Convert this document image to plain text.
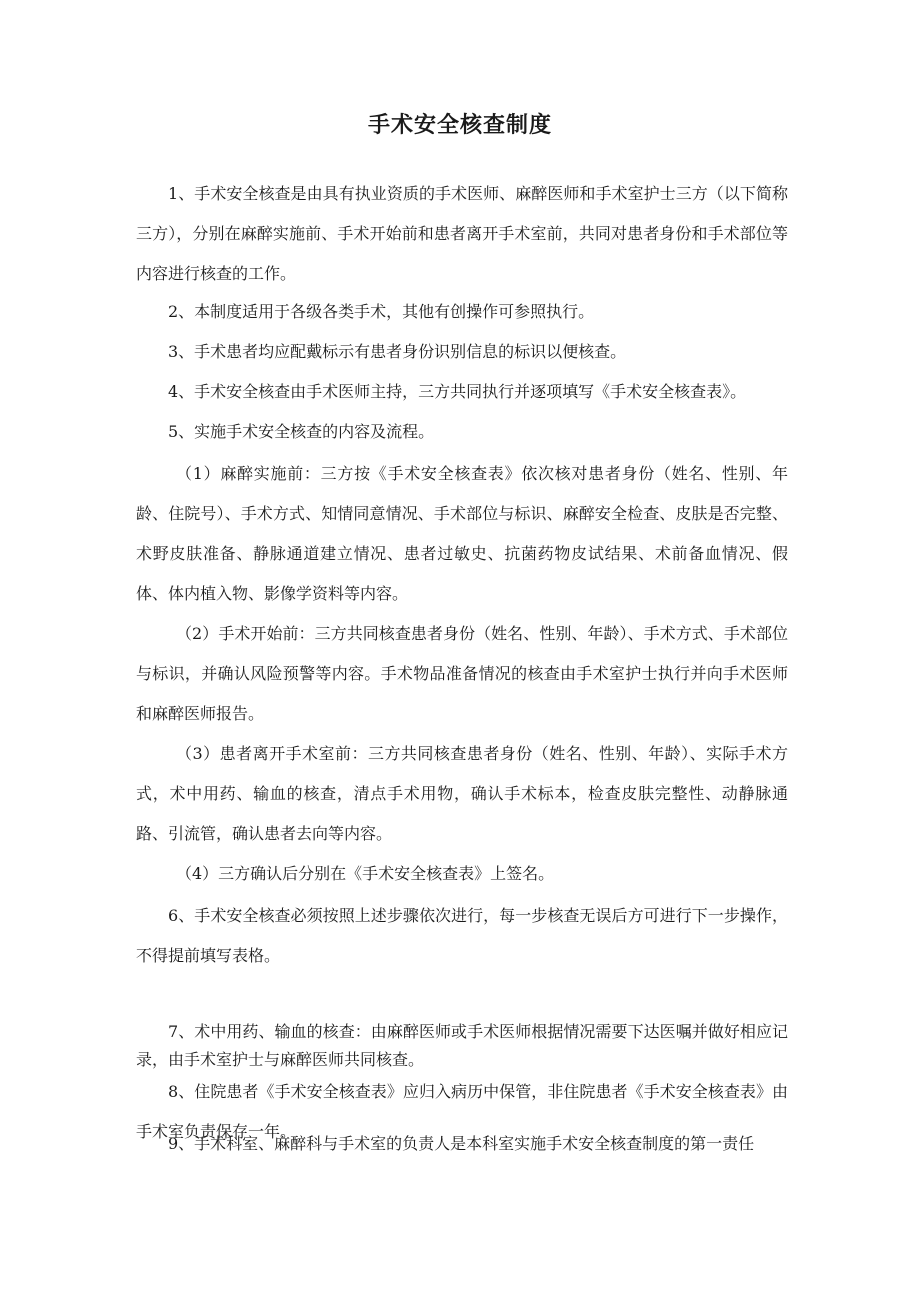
手术安全核查制度

1、手术安全核查是由具有执业资质的手术医师、麻醉医师和手术室护士三方（以下简称三方），分别在麻醉实施前、手术开始前和患者离开手术室前，共同对患者身份和手术部位等内容进行核查的工作。

2、本制度适用于各级各类手术，其他有创操作可参照执行。

3、手术患者均应配戴标示有患者身份识别信息的标识以便核查。

4、手术安全核查由手术医师主持，三方共同执行并逐项填写《手术安全核查表》。

5、实施手术安全核查的内容及流程。

（1）麻醉实施前：三方按《手术安全核查表》依次核对患者身份（姓名、性别、年龄、住院号）、手术方式、知情同意情况、手术部位与标识、麻醉安全检查、皮肤是否完整、术野皮肤准备、静脉通道建立情况、患者过敏史、抗菌药物皮试结果、术前备血情况、假体、体内植入物、影像学资料等内容。

（2）手术开始前：三方共同核查患者身份（姓名、性别、年龄）、手术方式、手术部位与标识，并确认风险预警等内容。手术物品准备情况的核查由手术室护士执行并向手术医师和麻醉医师报告。

（3）患者离开手术室前：三方共同核查患者身份（姓名、性别、年龄）、实际手术方式，术中用药、输血的核查，清点手术用物，确认手术标本，检查皮肤完整性、动静脉通路、引流管，确认患者去向等内容。

（4）三方确认后分别在《手术安全核查表》上签名。

6、手术安全核查必须按照上述步骤依次进行，每一步核查无误后方可进行下一步操作，不得提前填写表格。

7、术中用药、输血的核查：由麻醉医师或手术医师根据情况需要下达医嘱并做好相应记录，由手术室护士与麻醉医师共同核查。

8、住院患者《手术安全核查表》应归入病历中保管，非住院患者《手术安全核查表》由手术室负责保存一年。

9、手术科室、麻醉科与手术室的负责人是本科室实施手术安全核查制度的第一责任
